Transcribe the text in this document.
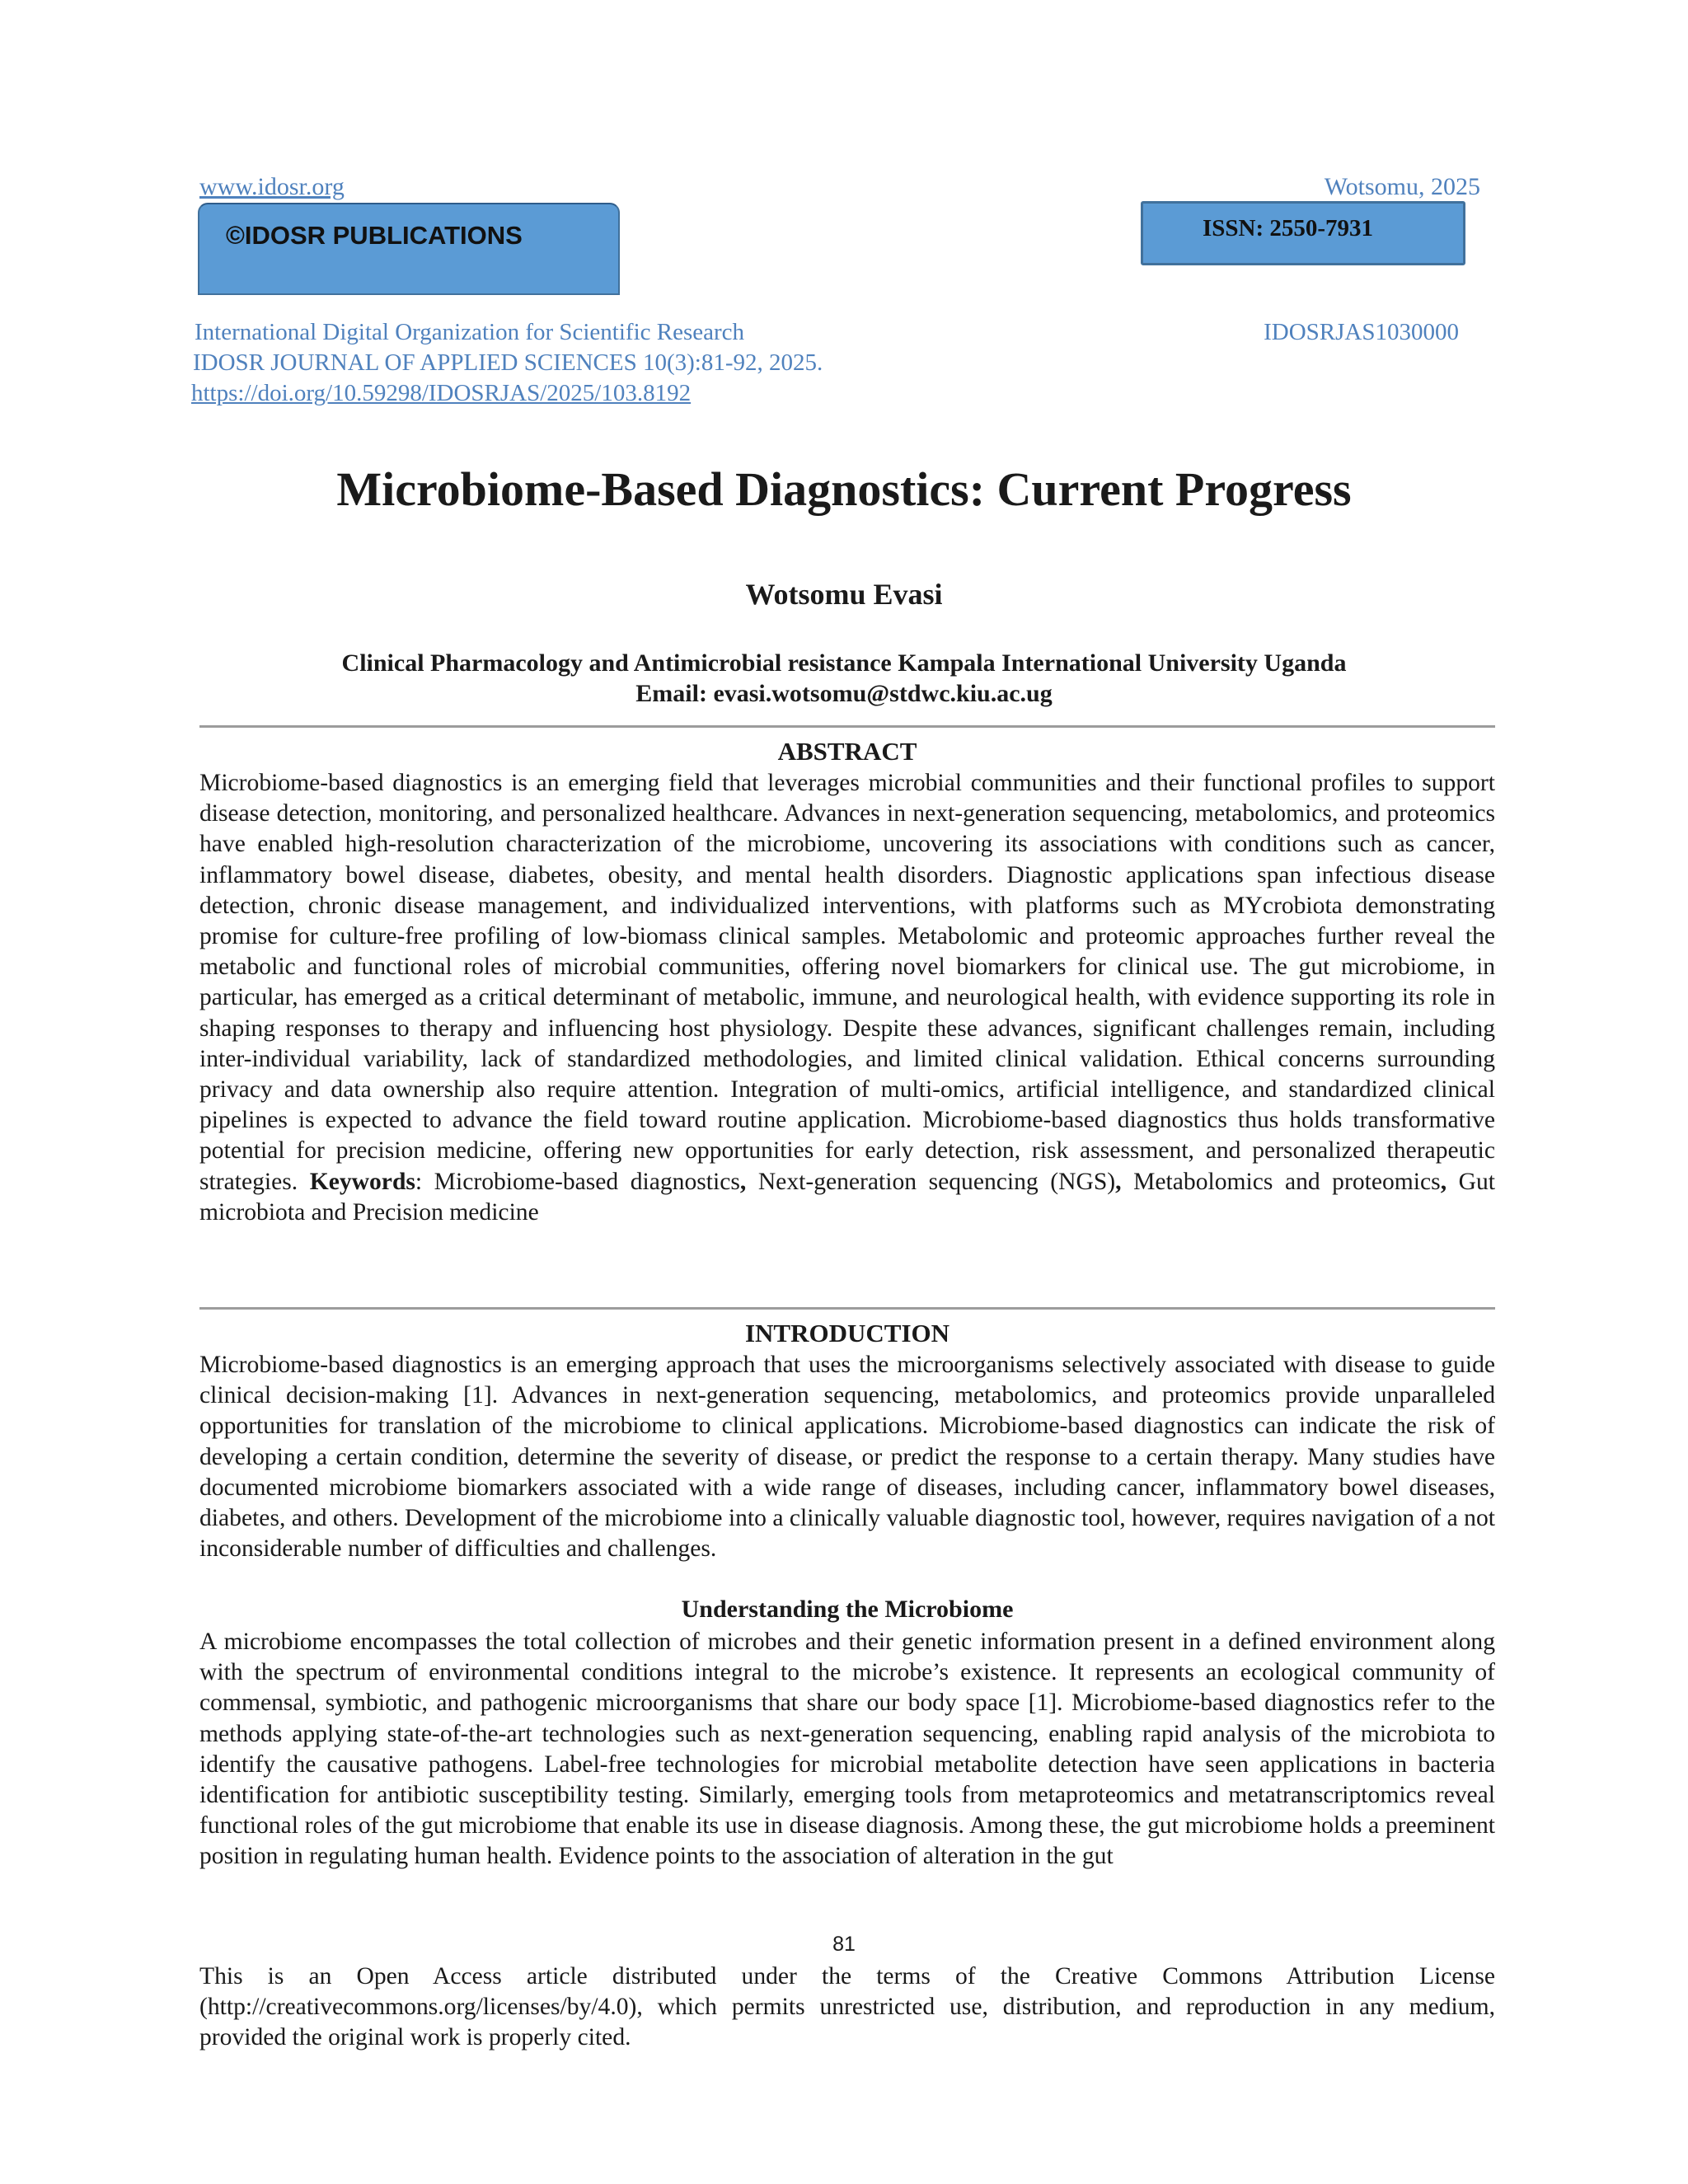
www.idosr.org	Wotsomu, 2025
©IDOSR PUBLICATIONS	ISSN: 2550-7931
International Digital Organization for Scientific Research	IDOSRJAS1030000
IDOSR JOURNAL OF APPLIED SCIENCES 10(3):81-92, 2025.
https://doi.org/10.59298/IDOSRJAS/2025/103.8192
Microbiome-Based Diagnostics: Current Progress
Wotsomu Evasi
Clinical Pharmacology and Antimicrobial resistance Kampala International University Uganda
Email: evasi.wotsomu@stdwc.kiu.ac.ug
ABSTRACT
Microbiome-based diagnostics is an emerging field that leverages microbial communities and their functional profiles to support disease detection, monitoring, and personalized healthcare. Advances in next-generation sequencing, metabolomics, and proteomics have enabled high-resolution characterization of the microbiome, uncovering its associations with conditions such as cancer, inflammatory bowel disease, diabetes, obesity, and mental health disorders. Diagnostic applications span infectious disease detection, chronic disease management, and individualized interventions, with platforms such as MYcrobiota demonstrating promise for culture-free profiling of low-biomass clinical samples. Metabolomic and proteomic approaches further reveal the metabolic and functional roles of microbial communities, offering novel biomarkers for clinical use. The gut microbiome, in particular, has emerged as a critical determinant of metabolic, immune, and neurological health, with evidence supporting its role in shaping responses to therapy and influencing host physiology. Despite these advances, significant challenges remain, including inter-individual variability, lack of standardized methodologies, and limited clinical validation. Ethical concerns surrounding privacy and data ownership also require attention. Integration of multi-omics, artificial intelligence, and standardized clinical pipelines is expected to advance the field toward routine application. Microbiome-based diagnostics thus holds transformative potential for precision medicine, offering new opportunities for early detection, risk assessment, and personalized therapeutic strategies. Keywords: Microbiome-based diagnostics, Next-generation sequencing (NGS), Metabolomics and proteomics, Gut microbiota and Precision medicine
INTRODUCTION
Microbiome-based diagnostics is an emerging approach that uses the microorganisms selectively associated with disease to guide clinical decision-making [1]. Advances in next-generation sequencing, metabolomics, and proteomics provide unparalleled opportunities for translation of the microbiome to clinical applications. Microbiome-based diagnostics can indicate the risk of developing a certain condition, determine the severity of disease, or predict the response to a certain therapy. Many studies have documented microbiome biomarkers associated with a wide range of diseases, including cancer, inflammatory bowel diseases, diabetes, and others. Development of the microbiome into a clinically valuable diagnostic tool, however, requires navigation of a not inconsiderable number of difficulties and challenges.
Understanding the Microbiome
A microbiome encompasses the total collection of microbes and their genetic information present in a defined environment along with the spectrum of environmental conditions integral to the microbe’s existence. It represents an ecological community of commensal, symbiotic, and pathogenic microorganisms that share our body space [1]. Microbiome-based diagnostics refer to the methods applying state-of-the-art technologies such as next-generation sequencing, enabling rapid analysis of the microbiota to identify the causative pathogens. Label-free technologies for microbial metabolite detection have seen applications in bacteria identification for antibiotic susceptibility testing. Similarly, emerging tools from metaproteomics and metatranscriptomics reveal functional roles of the gut microbiome that enable its use in disease diagnosis. Among these, the gut microbiome holds a preeminent position in regulating human health. Evidence points to the association of alteration in the gut
81
This is an Open Access article distributed under the terms of the Creative Commons Attribution License (http://creativecommons.org/licenses/by/4.0), which permits unrestricted use, distribution, and reproduction in any medium, provided the original work is properly cited.
